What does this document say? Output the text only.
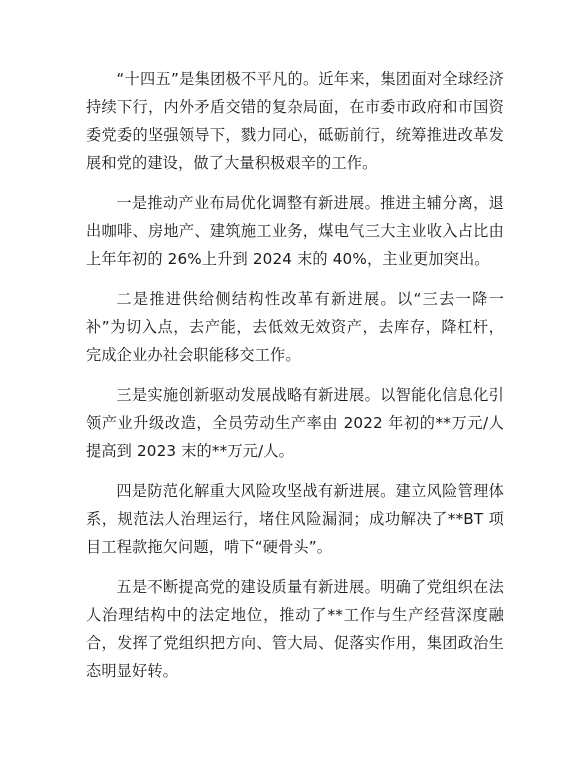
“十四五”是集团极不平凡的。近年来，集团面对全球经济持续下行，内外矛盾交错的复杂局面，在市委市政府和市国资委党委的坚强领导下，戮力同心，砥砺前行，统筹推进改革发展和党的建设，做了大量积极艰辛的工作。

一是推动产业布局优化调整有新进展。推进主辅分离，退出咖啡、房地产、建筑施工业务，煤电气三大主业收入占比由上年年初的 26%上升到 2024 末的 40%，主业更加突出。

二是推进供给侧结构性改革有新进展。以“三去一降一补”为切入点，去产能，去低效无效资产，去库存，降杠杆，完成企业办社会职能移交工作。

三是实施创新驱动发展战略有新进展。以智能化信息化引领产业升级改造，全员劳动生产率由 2022 年初的**万元/人提高到 2023 末的**万元/人。

四是防范化解重大风险攻坚战有新进展。建立风险管理体系，规范法人治理运行，堵住风险漏洞；成功解决了**BT 项目工程款拖欠问题，啃下“硬骨头”。

五是不断提高党的建设质量有新进展。明确了党组织在法人治理结构中的法定地位，推动了**工作与生产经营深度融合，发挥了党组织把方向、管大局、促落实作用，集团政治生态明显好转。
